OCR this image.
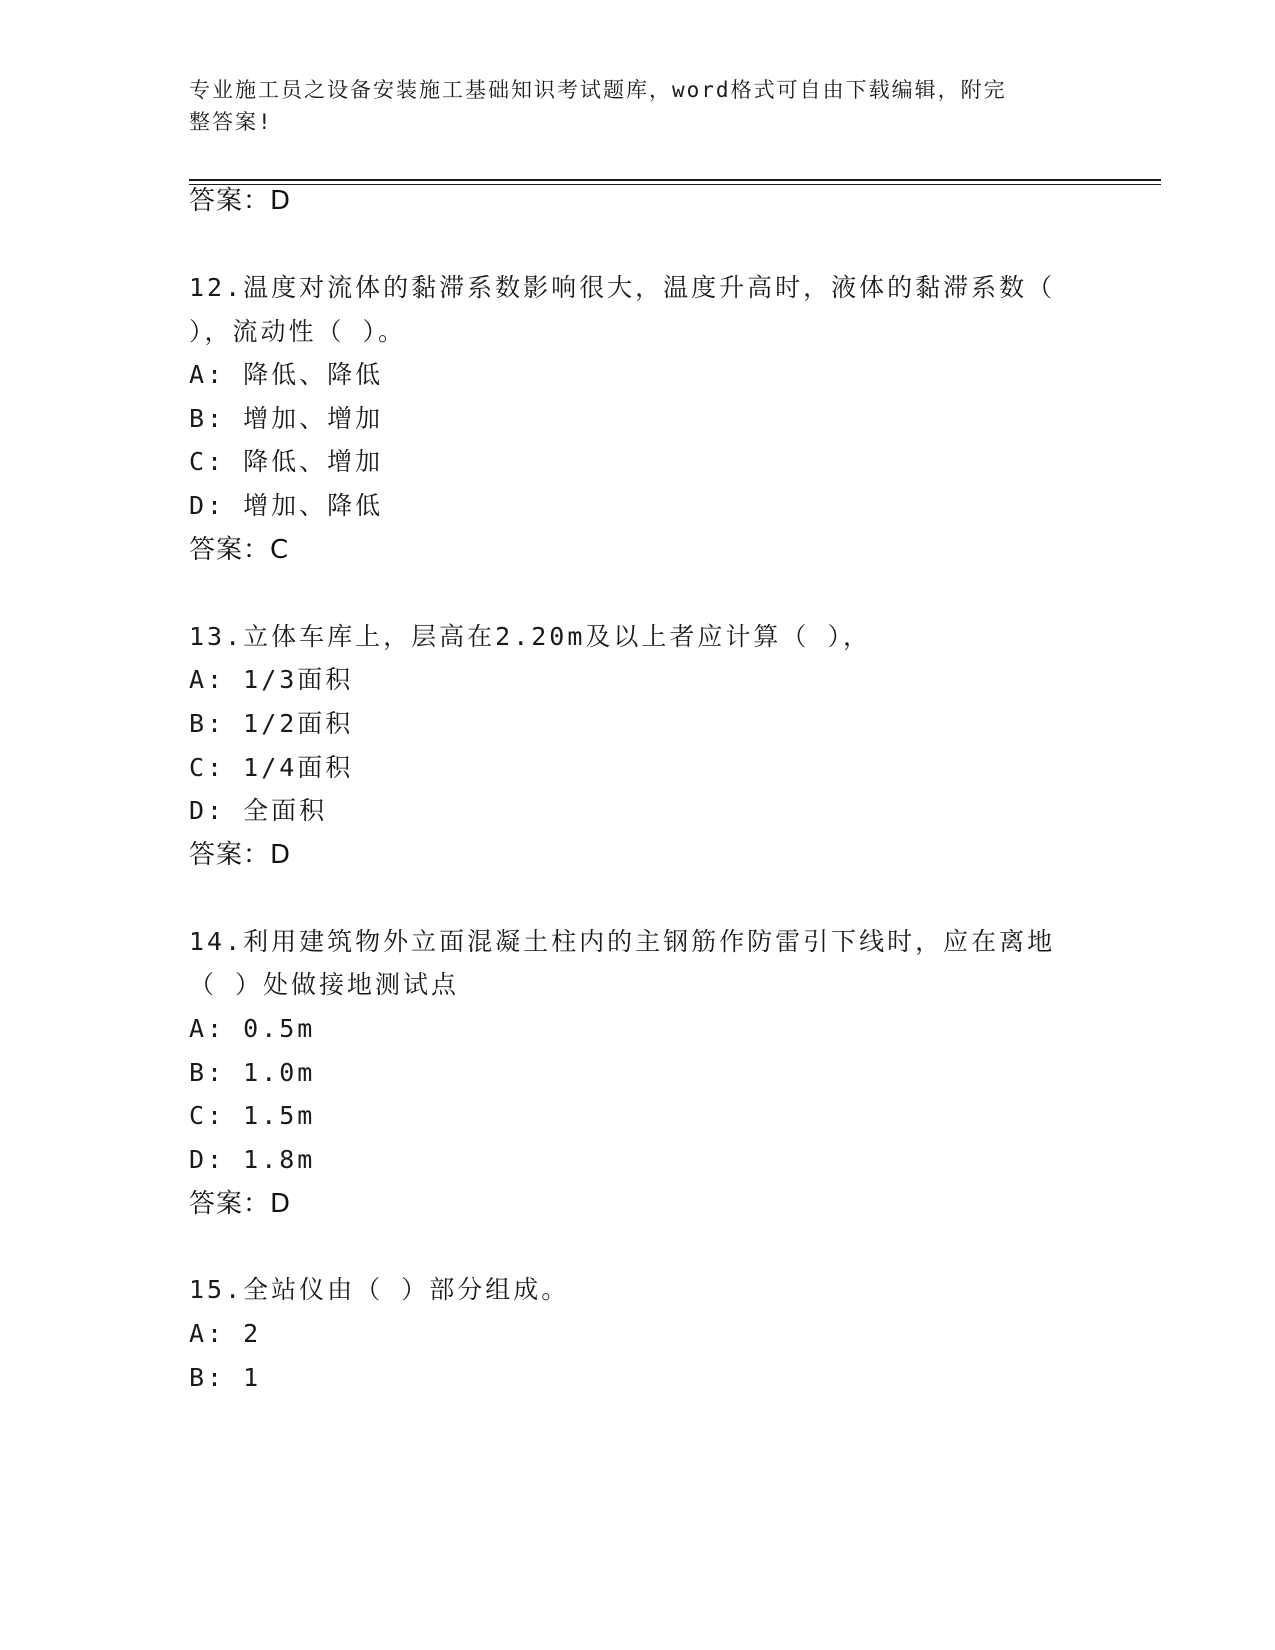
专业施工员之设备安装施工基础知识考试题库，word格式可自由下载编辑，附完
整答案!
答案：D
12.温度对流体的黏滞系数影响很大，温度升高时，液体的黏滞系数（
），流动性（ ）。
A: 降低、降低
B: 增加、增加
C: 降低、增加
D: 增加、降低
答案：C
13.立体车库上，层高在2.20m及以上者应计算（ ），
A: 1/3面积
B: 1/2面积
C: 1/4面积
D: 全面积
答案：D
14.利用建筑物外立面混凝土柱内的主钢筋作防雷引下线时，应在离地
（ ）处做接地测试点
A: 0.5m
B: 1.0m
C: 1.5m
D: 1.8m
答案：D
15.全站仪由（ ）部分组成。
A: 2
B: 1
